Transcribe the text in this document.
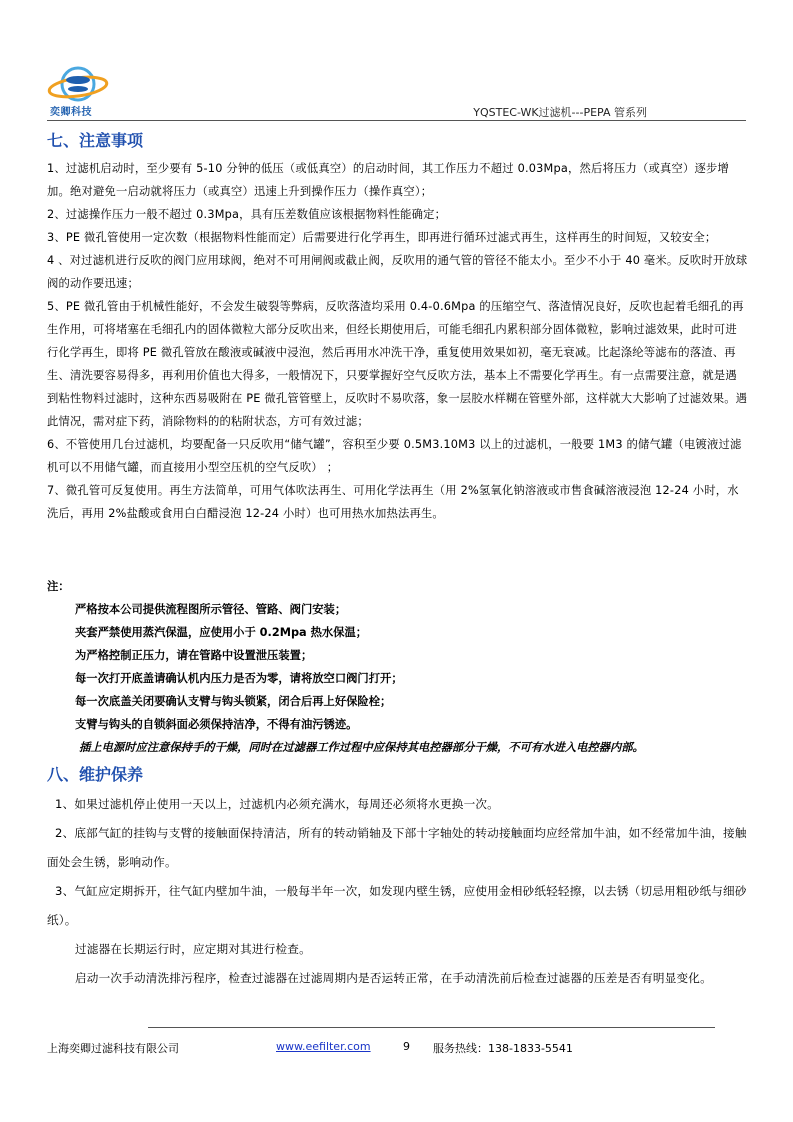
奕卿科技	YQSTEC-WK过滤机---PEPA 管系列
七、注意事项

1、过滤机启动时，至少要有 5-10 分钟的低压（或低真空）的启动时间，其工作压力不超过 0.03Mpa，然后将压力（或真空）逐步增加。绝对避免一启动就将压力（或真空）迅速上升到操作压力（操作真空）；

2、过滤操作压力一般不超过 0.3Mpa，具有压差数值应该根据物料性能确定；

3、PE 微孔管使用一定次数（根据物料性能而定）后需要进行化学再生，即再进行循环过滤式再生，这样再生的时间短，又较安全；

4 、对过滤机进行反吹的阀门应用球阀，绝对不可用闸阀或截止阀，反吹用的通气管的管径不能太小。至少不小于 40 毫米。反吹时开放球阀的动作要迅速；

5、PE 微孔管由于机械性能好，不会发生破裂等弊病，反吹落渣均采用 0.4-0.6Mpa 的压缩空气、落渣情况良好，反吹也起着毛细孔的再生作用，可将堵塞在毛细孔内的固体微粒大部分反吹出来，但经长期使用后，可能毛细孔内累积部分固体微粒，影响过滤效果，此时可进行化学再生，即将 PE 微孔管放在酸液或碱液中浸泡，然后再用水冲洗干净，重复使用效果如初，毫无衰减。比起涤纶等滤布的落渣、再生、清洗要容易得多，再利用价值也大得多，一般情况下，只要掌握好空气反吹方法，基本上不需要化学再生。有一点需要注意，就是遇到粘性物料过滤时，这种东西易吸附在 PE 微孔管管壁上，反吹时不易吹落，象一层胶水样糊在管壁外部，这样就大大影响了过滤效果。遇此情况，需对症下药，消除物料的的粘附状态，方可有效过滤；

6、不管使用几台过滤机，均要配备一只反吹用“储气罐”，容积至少要 0.5M3.10M3 以上的过滤机，一般要 1M3 的储气罐（电镀液过滤机可以不用储气罐，而直接用小型空压机的空气反吹） ；

7、微孔管可反复使用。再生方法简单，可用气体吹法再生、可用化学法再生（用 2%氢氧化钠溶液或市售食碱溶液浸泡 12-24 小时，水洗后，再用 2%盐酸或食用白白醋浸泡 12-24 小时）也可用热水加热法再生。

注：

严格按本公司提供流程图所示管径、管路、阀门安装；

夹套严禁使用蒸汽保温，应使用小于 0.2Mpa 热水保温；

为严格控制正压力，请在管路中设置泄压装置；

每一次打开底盖请确认机内压力是否为零，请将放空口阀门打开；

每一次底盖关闭要确认支臂与钩头锁紧，闭合后再上好保险栓；

支臂与钩头的自锁斜面必须保持洁净，不得有油污锈迹。

插上电源时应注意保持手的干燥，同时在过滤器工作过程中应保持其电控器部分干燥，不可有水进入电控器内部。

八、维护保养

1、如果过滤机停止使用一天以上，过滤机内必须充满水，每周还必须将水更换一次。

2、底部气缸的挂钩与支臂的接触面保持清洁，所有的转动销轴及下部十字轴处的转动接触面均应经常加牛油，如不经常加牛油，接触面处会生锈，影响动作。

3、气缸应定期拆开，往气缸内壁加牛油，一般每半年一次，如发现内壁生锈，应使用金相砂纸轻轻擦，以去锈（切忌用粗砂纸与细砂纸）。

过滤器在长期运行时，应定期对其进行检查。

启动一次手动清洗排污程序，检查过滤器在过滤周期内是否运转正常，在手动清洗前后检查过滤器的压差是否有明显变化。

上海奕卿过滤科技有限公司	www.eefilter.com	9 服务热线：138-1833-5541
